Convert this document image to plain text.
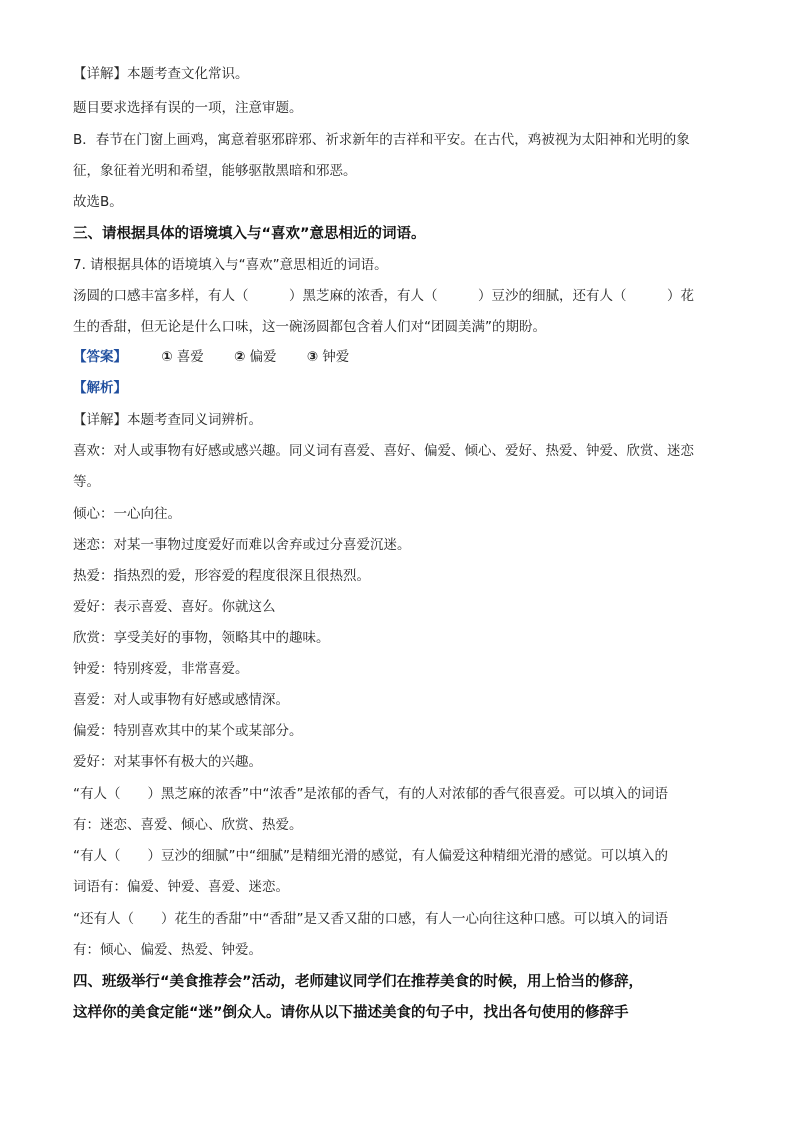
【详解】本题考查文化常识。
题目要求选择有误的一项，注意审题。
B．春节在门窗上画鸡，寓意着驱邪辟邪、祈求新年的吉祥和平安。在古代，鸡被视为太阳神和光明的象
征，象征着光明和希望，能够驱散黑暗和邪恶。
故选B。
三、请根据具体的语境填入与“喜欢”意思相近的词语。
7. 请根据具体的语境填入与“喜欢”意思相近的词语。
汤圆的口感丰富多样，有人（　　　）黑芝麻的浓香，有人（　　　）豆沙的细腻，还有人（　　　）花
生的香甜，但无论是什么口味，这一碗汤圆都包含着人们对“团圆美满”的期盼。
【答案】	① 喜爱 ② 偏爱 ③ 钟爱
【解析】
【详解】本题考查同义词辨析。
喜欢：对人或事物有好感或感兴趣。同义词有喜爱、喜好、偏爱、倾心、爱好、热爱、钟爱、欣赏、迷恋
等。
倾心：一心向往。
迷恋：对某一事物过度爱好而难以舍弃或过分喜爱沉迷。
热爱：指热烈的爱，形容爱的程度很深且很热烈。
爱好：表示喜爱、喜好。你就这么
欣赏：享受美好的事物，领略其中的趣味。
钟爱：特别疼爱，非常喜爱。
喜爱：对人或事物有好感或感情深。
偏爱：特别喜欢其中的某个或某部分。
爱好：对某事怀有极大的兴趣。
“有人（　　）黑芝麻的浓香”中“浓香”是浓郁的香气，有的人对浓郁的香气很喜爱。可以填入的词语
有：迷恋、喜爱、倾心、欣赏、热爱。
“有人（　　）豆沙的细腻”中“细腻”是精细光滑的感觉，有人偏爱这种精细光滑的感觉。可以填入的
词语有：偏爱、钟爱、喜爱、迷恋。
“还有人（　　）花生的香甜”中“香甜”是又香又甜的口感，有人一心向往这种口感。可以填入的词语
有：倾心、偏爱、热爱、钟爱。
四、班级举行“美食推荐会”活动，老师建议同学们在推荐美食的时候，用上恰当的修辞，
这样你的美食定能“迷”倒众人。请你从以下描述美食的句子中，找出各句使用的修辞手
